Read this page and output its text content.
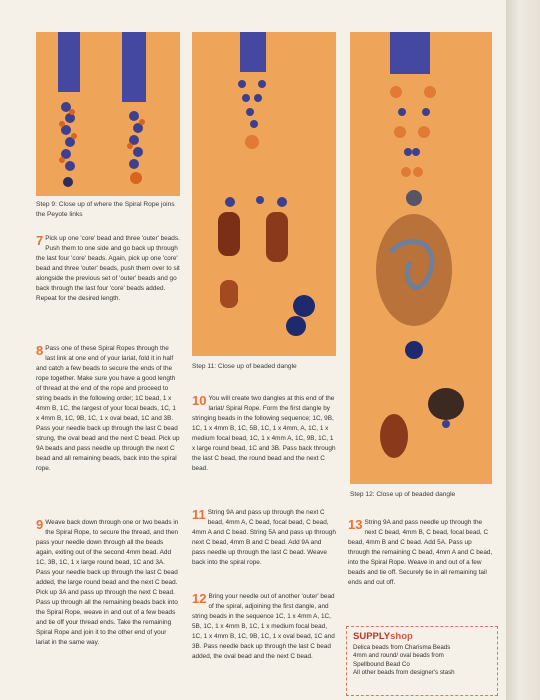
Step 9: Close up of where the Spiral Rope joins the Peyote links
Step 11: Close up of beaded dangle
Step 12: Close up of beaded dangle

7 Pick up one 'core' bead and three 'outer' beads. Push them to one side and go back up through the last four 'core' beads. Again, pick up one 'core' bead and three 'outer' beads, push them over to sit alongside the previous set of 'outer' beads and go back through the last four 'core' beads added. Repeat for the desired length.

8 Pass one of these Spiral Ropes through the last link at one end of your lariat, fold it in half and catch a few beads to secure the ends of the rope together. Make sure you have a good length of thread at the end of the rope and proceed to string beads in the following order; 1C bead, 1 x 4mm B, 1C, the largest of your focal beads, 1C, 1 x 4mm B, 1C, 9B, 1C, 1 x oval bead, 1C and 3B. Pass your needle back up through the last C bead strung, the oval bead and the next C bead. Pick up 9A beads and pass needle up through the next C bead and all remaining beads, back into the spiral rope.

9 Weave back down through one or two beads in the Spiral Rope, to secure the thread, and then pass your needle down through all the beads again, exiting out of the second 4mm bead. Add 1C, 3B, 1C, 1 x large round bead, 1C and 3A. Pass your needle back up through the last C bead added, the large round bead and the next C bead. Pick up 3A and pass up through the next C bead. Pass up through all the remaining beads back into the Spiral Rope, weave in and out of a few beads and tie off your thread ends. Take the remaining Spiral Rope and join it to the other end of your lariat in the same way.

10 You will create two dangles at this end of the lariat/ Spiral Rope. Form the first dangle by stringing beads in the following sequence; 1C, 9B, 1C, 1 x 4mm B, 1C, 5B, 1C, 1 x 4mm, A, 1C, 1 x medium focal bead, 1C, 1 x 4mm A, 1C, 9B, 1C, 1 x large round bead, 1C and 3B. Pass back through the last C bead, the round bead and the next C bead.

11 String 9A and pass up through the next C bead, 4mm A, C bead, focal bead, C bead, 4mm A and C bead. String 5A and pass up through next C bead, 4mm B and C bead. Add 9A and pass needle up through the last C bead. Weave back into the spiral rope.

12 Bring your needle out of another 'outer' bead of the spiral, adjoining the first dangle, and string beads in the sequence 1C, 1 x 4mm A, 1C, 5B, 1C, 1 x 4mm B, 1C, 1 x medium focal bead, 1C, 1 x 4mm B, 1C, 9B, 1C, 1 x oval bead, 1C and 3B. Pass needle back up through the last C bead added, the oval bead and the next C bead.

13 String 9A and pass needle up through the next C bead, 4mm B, C bead, focal bead, C bead, 4mm B and C bead. Add 5A. Pass up through the remaining C bead, 4mm A and C bead, into the Spiral Rope. Weave in and out of a few beads and tie off. Securely tie in all remaining tail ends and cut off.

SUPPLYshop
Delica beads from Charisma Beads
4mm and round/ oval beads from
Spellbound Bead Co
All other beads from designer's stash
